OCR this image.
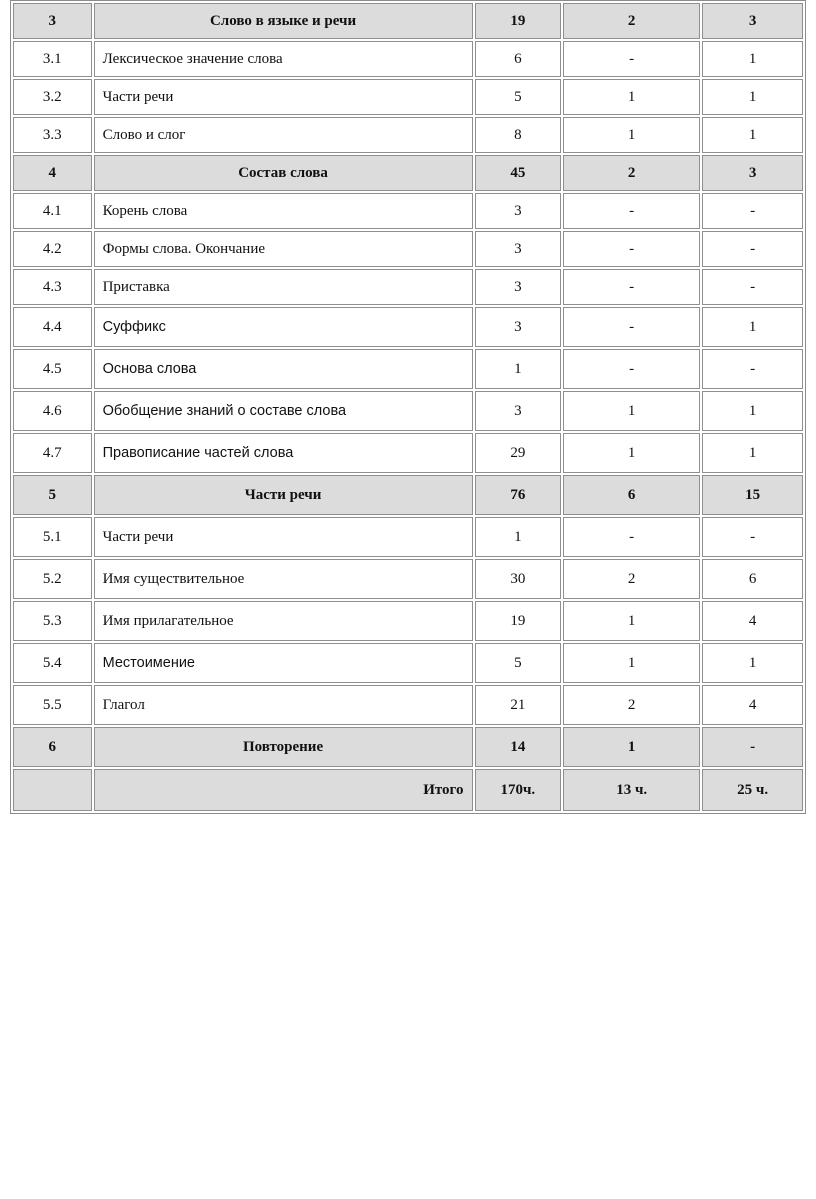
3	Слово в языке и речи	19	2	3
3.1	Лексическое значение слова	6	-	1
3.2	Части речи	5	1	1
3.3	Слово и слог	8	1	1
4	Состав слова	45	2	3
4.1	Корень слова	3	-	-
4.2	Формы слова. Окончание	3	-	-
4.3	Приставка	3	-	-
4.4	Суффикс	3	-	1
4.5	Основа слова	1	-	-
4.6	Обобщение знаний о составе слова	3	1	1
4.7	Правописание частей слова	29	1	1
5	Части речи	76	6	15
5.1	Части речи	1	-	-
5.2	Имя существительное	30	2	6
5.3	Имя прилагательное	19	1	4
5.4	Местоимение	5	1	1
5.5	Глагол	21	2	4
6	Повторение	14	1	-
	Итого	170ч.	13 ч.	25 ч.
